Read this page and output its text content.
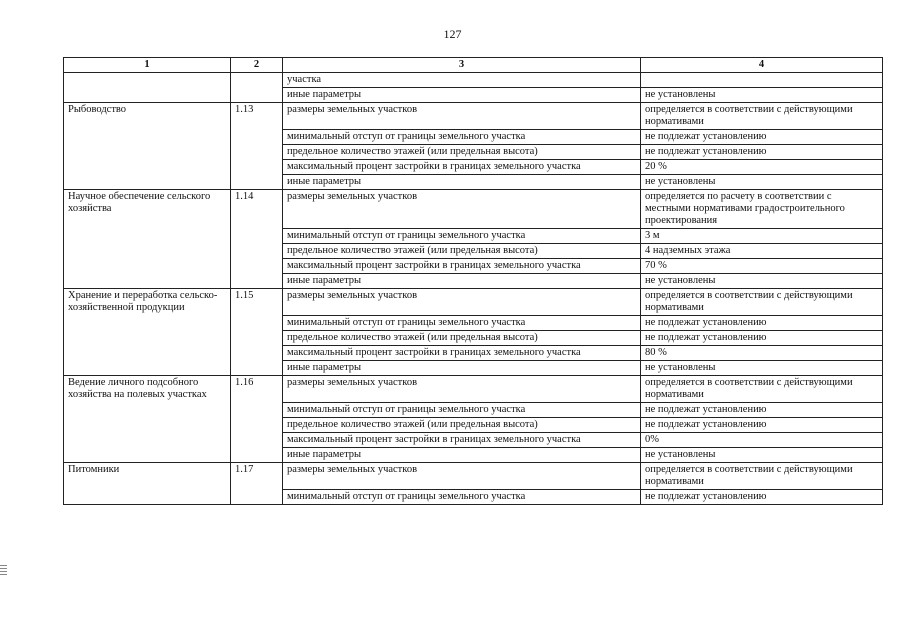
127
1	2	3	4
		участка	
		иные параметры	не установлены
Рыбоводство	1.13	размеры земельных участков	определяется в соответствии с действующими нормативами
		минимальный отступ от границы земельного участка	не подлежат установлению
		предельное количество этажей (или предельная высота)	не подлежат установлению
		максимальный процент застройки в границах земельного участка	20 %
		иные параметры	не установлены
Научное обеспечение сельского хозяйства	1.14	размеры земельных участков	определяется по расчету в соответствии с местными нормативами градостроительного проектирования
		минимальный отступ от границы земельного участка	3 м
		предельное количество этажей (или предельная высота)	4 надземных этажа
		максимальный процент застройки в границах земельного участка	70 %
		иные параметры	не установлены
Хранение и переработка сельско-хозяйственной продукции	1.15	размеры земельных участков	определяется в соответствии с действующими нормативами
		минимальный отступ от границы земельного участка	не подлежат установлению
		предельное количество этажей (или предельная высота)	не подлежат установлению
		максимальный процент застройки в границах земельного участка	80 %
		иные параметры	не установлены
Ведение личного подсобного хозяйства на полевых участках	1.16	размеры земельных участков	определяется в соответствии с действующими нормативами
		минимальный отступ от границы земельного участка	не подлежат установлению
		предельное количество этажей (или предельная высота)	не подлежат установлению
		максимальный процент застройки в границах земельного участка	0%
		иные параметры	не установлены
Питомники	1.17	размеры земельных участков	определяется в соответствии с действующими нормативами
		минимальный отступ от границы земельного участка	не подлежат установлению
